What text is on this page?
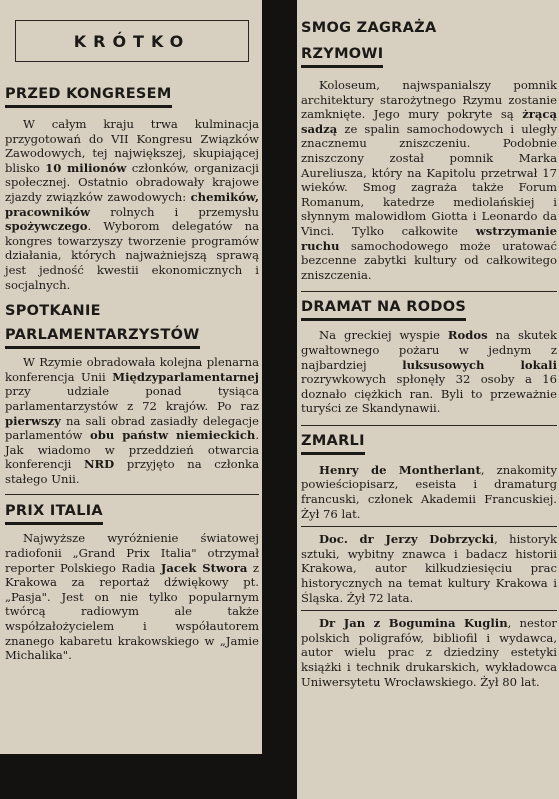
KRÓTKO
PRZED KONGRESEM

W całym kraju trwa kulminacja przygotowań do VII Kongresu Związków Zawodowych, tej największej, skupiającej blisko 10 milionów członków, organizacji społecznej. Ostatnio obradowały krajowe zjazdy związków zawodowych: chemików, pracowników rolnych i przemysłu spożywczego. Wyborom delegatów na kongres towarzyszy tworzenie programów działania, których najważniejszą sprawą jest jedność kwestii ekonomicznych i socjalnych.

SPOTKANIE
PARLAMENTARZYSTÓW

W Rzymie obradowała kolejna plenarna konferencja Unii Międzyparlamentarnej przy udziale ponad tysiąca parlamentarzystów z 72 krajów. Po raz pierwszy na sali obrad zasiadły delegacje parlamentów obu państw niemieckich. Jak wiadomo w przeddzień otwarcia konferencji NRD przyjęto na członka stałego Unii.

PRIX ITALIA

Najwyższe wyróżnienie światowej radiofonii „Grand Prix Italia" otrzymał reporter Polskiego Radia Jacek Stwora z Krakowa za reportaż dźwiękowy pt. „Pasja". Jest on nie tylko popularnym twórcą radiowym ale także współzałożycielem i współautorem znanego kabaretu krakowskiego w „Jamie Michalika".

SMOG ZAGRAŻA
RZYMOWI

Koloseum, najwspanialszy pomnik architektury starożytnego Rzymu zostanie zamknięte. Jego mury pokryte są żrącą sadzą ze spalin samochodowych i uległy znacznemu zniszczeniu. Podobnie zniszczony został pomnik Marka Aureliusza, który na Kapitolu przetrwał 17 wieków. Smog zagraża także Forum Romanum, katedrze mediolańskiej i słynnym malowidłom Giotta i Leonardo da Vinci. Tylko całkowite wstrzymanie ruchu samochodowego może uratować bezcenne zabytki kultury od całkowitego zniszczenia.

DRAMAT NA RODOS

Na greckiej wyspie Rodos na skutek gwałtownego pożaru w jednym z najbardziej luksusowych lokali rozrywkowych spłonęły 32 osoby a 16 doznało ciężkich ran. Byli to przeważnie turyści ze Skandynawii.

ZMARLI

Henry de Montherlant, znakomity powieściopisarz, eseista i dramaturg francuski, członek Akademii Francuskiej. Żył 76 lat.

Doc. dr Jerzy Dobrzycki, historyk sztuki, wybitny znawca i badacz historii Krakowa, autor kilkudziesięciu prac historycznych na temat kultury Krakowa i Śląska. Żył 72 lata.

Dr Jan z Bogumina Kuglin, nestor polskich poligrafów, bibliofil i wydawca, autor wielu prac z dziedziny estetyki książki i technik drukarskich, wykładowca Uniwersytetu Wrocławskiego. Żył 80 lat.
